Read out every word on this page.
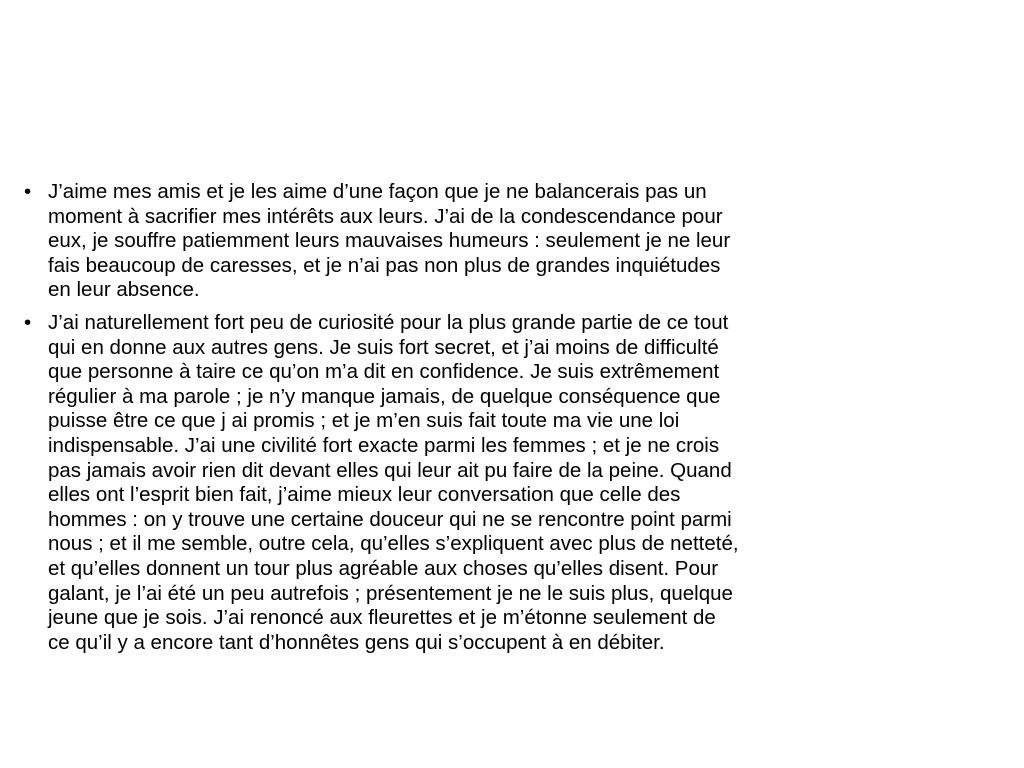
• J’aime mes amis et je les aime d’une façon que je ne balancerais pas un
moment à sacrifier mes intérêts aux leurs. J’ai de la condescendance pour
eux, je souffre patiemment leurs mauvaises humeurs : seulement je ne leur
fais beaucoup de caresses, et je n’ai pas non plus de grandes inquiétudes
en leur absence.
• J’ai naturellement fort peu de curiosité pour la plus grande partie de ce tout
qui en donne aux autres gens. Je suis fort secret, et j’ai moins de difficulté
que personne à taire ce qu’on m’a dit en confidence. Je suis extrêmement
régulier à ma parole ; je n’y manque jamais, de quelque conséquence que
puisse être ce que j ai promis ; et je m’en suis fait toute ma vie une loi
indispensable. J’ai une civilité fort exacte parmi les femmes ; et je ne crois
pas jamais avoir rien dit devant elles qui leur ait pu faire de la peine. Quand
elles ont l’esprit bien fait, j’aime mieux leur conversation que celle des
hommes : on y trouve une certaine douceur qui ne se rencontre point parmi
nous ; et il me semble, outre cela, qu’elles s’expliquent avec plus de netteté,
et qu’elles donnent un tour plus agréable aux choses qu’elles disent. Pour
galant, je l’ai été un peu autrefois ; présentement je ne le suis plus, quelque
jeune que je sois. J’ai renoncé aux fleurettes et je m’étonne seulement de
ce qu’il y a encore tant d’honnêtes gens qui s’occupent à en débiter.
